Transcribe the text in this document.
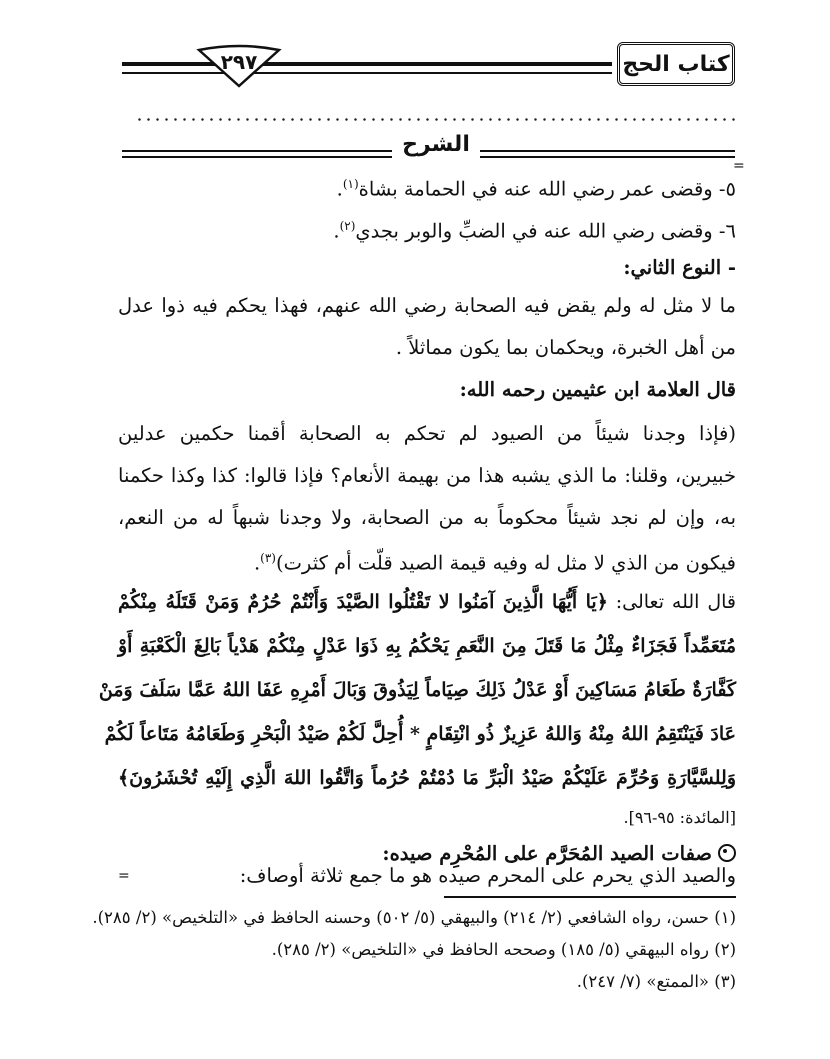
٢٩٧	كتاب الحج
الشرح
=
=
٥- وقضى عمر رضي الله عنه في الحمامة بشاة$^{(١)}$.
٦- وقضى رضي الله عنه في الضبِّ والوبر بجدي$^{(٢)}$.
- النوع الثاني:
ما لا مثل له ولم يقض فيه الصحابة رضي الله عنهم، فهذا يحكم فيه ذوا عدل
من أهل الخبرة، ويحكمان بما يكون مماثلاً .
قال العلامة ابن عثيمين رحمه الله:
(فإذا وجدنا شيئاً من الصيود لم تحكم به الصحابة أقمنا حكمين عدلين
خبيرين، وقلنا: ما الذي يشبه هذا من بهيمة الأنعام؟ فإذا قالوا: كذا وكذا حكمنا
به، وإن لم نجد شيئاً محكوماً به من الصحابة، ولا وجدنا شبهاً له من النعم،
فيكون من الذي لا مثل له وفيه قيمة الصيد قلّت أم كثرت)$^{(٣)}$.
قال الله تعالى: ﴿يَا أَيُّهَا الَّذِينَ آمَنُوا لا تَقْتُلُوا الصَّيْدَ وَأَنْتُمْ حُرُمٌ وَمَنْ قَتَلَهُ مِنْكُمْ
مُتَعَمِّداً فَجَزَاءٌ مِثْلُ مَا قَتَلَ مِنَ النَّعَمِ يَحْكُمُ بِهِ ذَوَا عَدْلٍ مِنْكُمْ هَدْياً بَالِغَ الْكَعْبَةِ أَوْ
كَفَّارَةٌ طَعَامُ مَسَاكِينَ أَوْ عَدْلُ ذَلِكَ صِيَاماً لِيَذُوقَ وَبَالَ أَمْرِهِ عَفَا اللهُ عَمَّا سَلَفَ وَمَنْ
عَادَ فَيَنْتَقِمُ اللهُ مِنْهُ وَاللهُ عَزِيزٌ ذُو انْتِقَامٍ * أُحِلَّ لَكُمْ صَيْدُ الْبَحْرِ وَطَعَامُهُ مَتَاعاً لَكُمْ
وَلِلسَّيَّارَةِ وَحُرِّمَ عَلَيْكُمْ صَيْدُ الْبَرِّ مَا دُمْتُمْ حُرُماً وَاتَّقُوا اللهَ الَّذِي إِلَيْهِ تُحْشَرُونَ﴾
[المائدة: ٩٥-٩٦].
صفات الصيد المُحَرَّم على المُحْرِم صيده:
والصيد الذي يحرم على المحرم صيده هو ما جمع ثلاثة أوصاف:
(١) حسن، رواه الشافعي (٢/ ٢١٤) والبيهقي (٥/ ٥٠٢) وحسنه الحافظ في «التلخيص» (٢/ ٢٨٥).
(٢) رواه البيهقي (٥/ ١٨٥) وصححه الحافظ في «التلخيص» (٢/ ٢٨٥).
(٣) «الممتع» (٧/ ٢٤٧).
